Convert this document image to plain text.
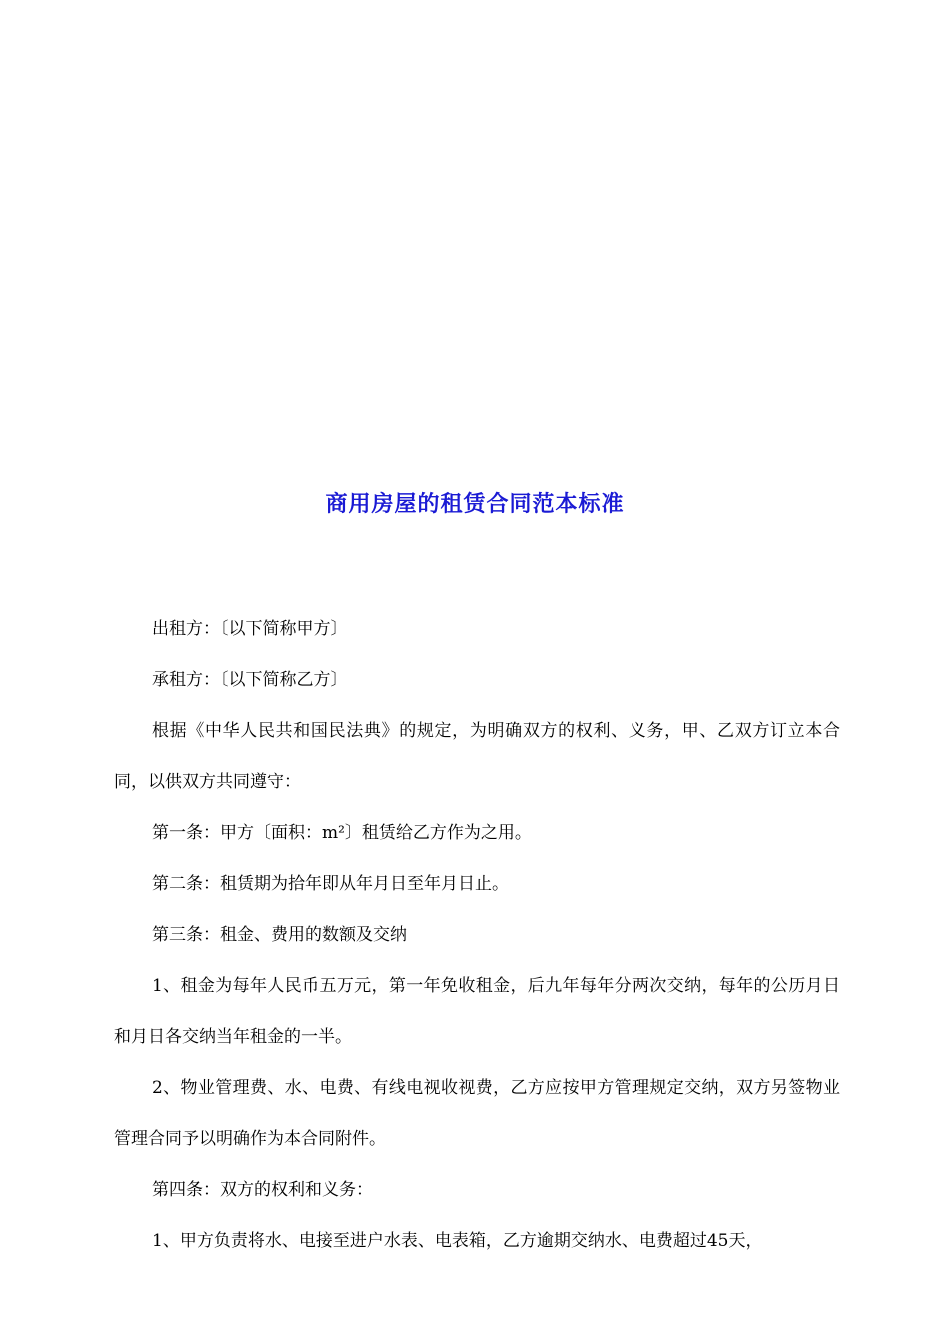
商用房屋的租赁合同范本标准

出租方：〔以下简称甲方〕

承租方：〔以下简称乙方〕

根据《中华人民共和国民法典》的规定，为明确双方的权利、义务，甲、乙双方订立本合同，以供双方共同遵守：

第一条：甲方〔面积：m²〕租赁给乙方作为之用。

第二条：租赁期为拾年即从年月日至年月日止。

第三条：租金、费用的数额及交纳

1、租金为每年人民币五万元，第一年免收租金，后九年每年分两次交纳，每年的公历月日和月日各交纳当年租金的一半。

2、物业管理费、水、电费、有线电视收视费，乙方应按甲方管理规定交纳，双方另签物业管理合同予以明确作为本合同附件。

第四条：双方的权利和义务：

1、甲方负责将水、电接至进户水表、电表箱，乙方逾期交纳水、电费超过45天，
